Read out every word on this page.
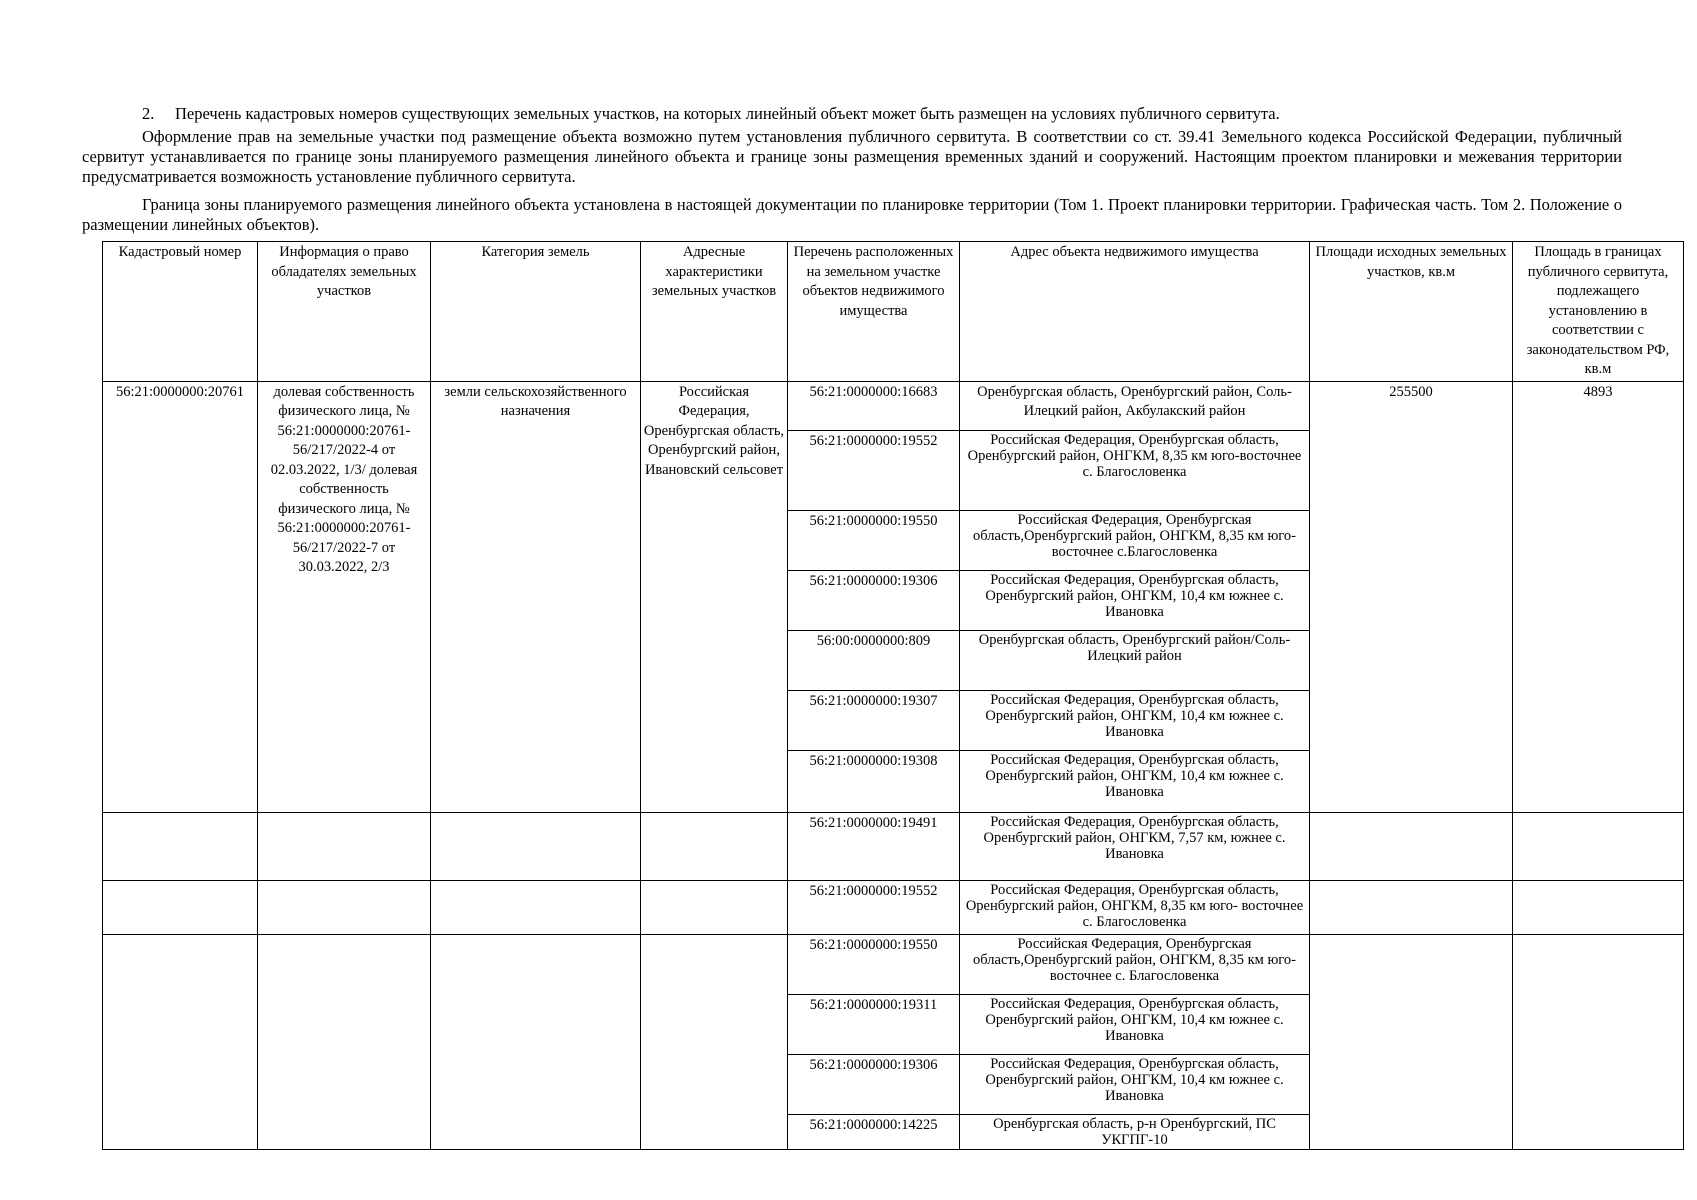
2.     Перечень кадастровых номеров существующих земельных участков, на которых линейный объект может быть размещен на условиях публичного сервитута.
Оформление прав на земельные участки под размещение объекта возможно путем установления публичного сервитута. В соответствии со ст. 39.41 Земельного кодекса Российской Федерации, публичный сервитут устанавливается по границе зоны планируемого размещения линейного объекта и границе зоны размещения временных зданий и сооружений. Настоящим проектом планировки и межевания территории предусматривается возможность установление публичного сервитута.
Граница зоны планируемого размещения линейного объекта установлена в настоящей документации по планировке территории (Том 1. Проект планировки территории. Графическая часть. Том 2. Положение о размещении линейных объектов).
Кадастровый номер	Информация о право обладателях земельных участков	Категория земель	Адресные характеристики земельных участков	Перечень расположенных на земельном участке объектов недвижимого имущества	Адрес объекта недвижимого имущества	Площади исходных земельных участков, кв.м	Площадь в границах публичного сервитута, подлежащего установлению в соответствии с законодательством РФ, кв.м
56:21:0000000:20761	долевая собственность физического лица, № 56:21:0000000:20761-56/217/2022-4 от 02.03.2022, 1/3/ долевая собственность физического лица, № 56:21:0000000:20761-56/217/2022-7 от 30.03.2022, 2/3	земли сельскохозяйственного назначения	Российская Федерация, Оренбургская область, Оренбургский район, Ивановский сельсовет	56:21:0000000:16683	Оренбургская область, Оренбургский район, Соль-Илецкий район, Акбулакский район	255500	4893
				56:21:0000000:19552	Российская Федерация, Оренбургская область, Оренбургский район, ОНГКМ, 8,35 км юго-восточнее с. Благословенка		
				56:21:0000000:19550	Российская Федерация, Оренбургская область,Оренбургский район, ОНГКМ, 8,35 км юго- восточнее с.Благословенка		
				56:21:0000000:19306	Российская Федерация, Оренбургская область, Оренбургский район, ОНГКМ, 10,4 км южнее с. Ивановка		
				56:00:0000000:809	Оренбургская область, Оренбургский район/Соль-Илецкий район		
				56:21:0000000:19307	Российская Федерация, Оренбургская область, Оренбургский район, ОНГКМ, 10,4 км южнее с. Ивановка		
				56:21:0000000:19308	Российская Федерация, Оренбургская область, Оренбургский район, ОНГКМ, 10,4 км южнее с. Ивановка		
				56:21:0000000:19491	Российская Федерация, Оренбургская область, Оренбургский район, ОНГКМ, 7,57 км, южнее с. Ивановка		
				56:21:0000000:19552	Российская Федерация, Оренбургская область, Оренбургский район, ОНГКМ, 8,35 км юго- восточнее с. Благословенка		
				56:21:0000000:19550	Российская Федерация, Оренбургская область,Оренбургский район, ОНГКМ, 8,35 км юго-восточнее с. Благословенка		
				56:21:0000000:19311	Российская Федерация, Оренбургская область, Оренбургский район, ОНГКМ, 10,4 км южнее с. Ивановка		
				56:21:0000000:19306	Российская Федерация, Оренбургская область, Оренбургский район, ОНГКМ, 10,4 км южнее с. Ивановка		
				56:21:0000000:14225	Оренбургская область, р-н Оренбургский, ПС УКГПГ-10		
